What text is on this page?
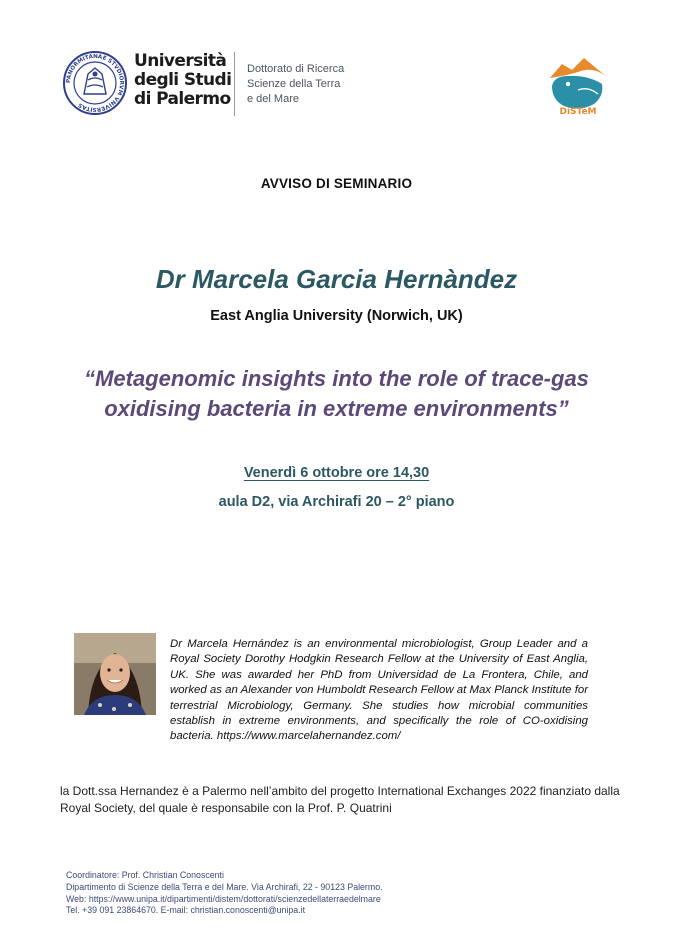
PANORMITANAE STVDIORVM VNIVERSITAS
Università
degli Studi
di Palermo
Dottorato di Ricerca
Scienze della Terra
e del Mare
DiSTeM
AVVISO DI SEMINARIO
Dr Marcela Garcia Hernàndez
East Anglia University (Norwich, UK)
“Metagenomic insights into the role of trace-gas oxidising bacteria in extreme environments”
Venerdì 6 ottobre ore 14,30
aula D2, via Archirafi 20 – 2° piano
Dr Marcela Hernández is an environmental microbiologist, Group Leader and a Royal Society Dorothy Hodgkin Research Fellow at the University of East Anglia, UK. She was awarded her PhD from Universidad de La Frontera, Chile, and worked as an Alexander von Humboldt Research Fellow at Max Planck Institute for terrestrial Microbiology, Germany. She studies how microbial communities establish in extreme environments, and specifically the role of CO-oxidising bacteria. https://www.marcelahernandez.com/
la Dott.ssa Hernandez è a Palermo nell’ambito del progetto International Exchanges 2022 finanziato dalla Royal Society, del quale è responsabile con la Prof. P. Quatrini
Coordinatore: Prof. Christian Conoscenti
Dipartimento di Scienze della Terra e del Mare. Via Archirafi, 22 - 90123 Palermo.
Web: https://www.unipa.it/dipartimenti/distem/dottorati/scienzedellaterraedelmare
Tel. +39 091 23864670. E-mail: christian.conoscenti@unipa.it
